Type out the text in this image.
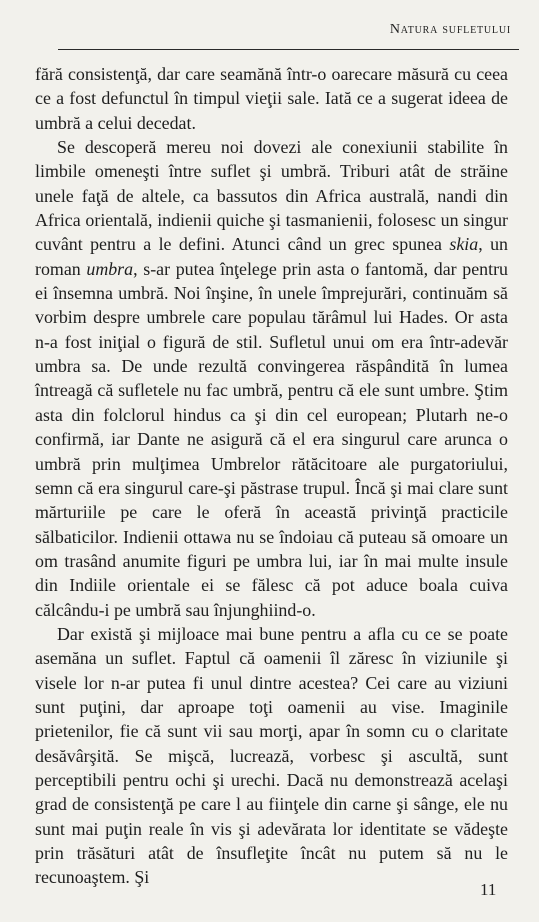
Natura sufletului

fără consistenţă, dar care seamănă într-o oarecare măsură cu ceea ce a fost defunctul în timpul vieţii sale. Iată ce a sugerat ideea de umbră a celui decedat.

Se descoperă mereu noi dovezi ale conexiunii stabilite în limbile omeneşti între suflet şi umbră. Triburi atât de străine unele faţă de altele, ca bassutos din Africa australă, nandi din Africa orientală, indienii quiche şi tasmanienii, folosesc un singur cuvânt pentru a le defini. Atunci când un grec spunea skia, un roman umbra, s-ar putea înţelege prin asta o fantomă, dar pentru ei însemna umbră. Noi înşine, în unele împrejurări, continuăm să vorbim despre umbrele care populau tărâmul lui Hades. Or asta n-a fost iniţial o figură de stil. Sufletul unui om era într-adevăr umbra sa. De unde rezultă convingerea răspândită în lumea întreagă că sufletele nu fac umbră, pentru că ele sunt umbre. Ştim asta din folclorul hindus ca şi din cel european; Plutarh ne-o confirmă, iar Dante ne asigură că el era singurul care arunca o umbră prin mulţimea Umbrelor rătăcitoare ale purgatoriului, semn că era singurul care-şi păstrase trupul. Încă şi mai clare sunt mărturiile pe care le oferă în această privinţă practicile sălbaticilor. Indienii ottawa nu se îndoiau că puteau să omoare un om trasând anumite figuri pe umbra lui, iar în mai multe insule din Indiile orientale ei se fălesc că pot aduce boala cuiva călcându-i pe umbră sau înjunghiind-o.

Dar există şi mijloace mai bune pentru a afla cu ce se poate asemăna un suflet. Faptul că oamenii îl zăresc în viziunile şi visele lor n-ar putea fi unul dintre acestea? Cei care au viziuni sunt puţini, dar aproape toţi oamenii au vise. Imaginile prietenilor, fie că sunt vii sau morţi, apar în somn cu o claritate desăvârşită. Se mişcă, lucrează, vorbesc şi ascultă, sunt perceptibili pentru ochi şi urechi. Dacă nu demonstrează acelaşi grad de consistenţă pe care l au fiinţele din carne şi sânge, ele nu sunt mai puţin reale în vis şi adevărata lor identitate se vădeşte prin trăsături atât de însufleţite încât nu putem să nu le recunoaştem. Şi

11
